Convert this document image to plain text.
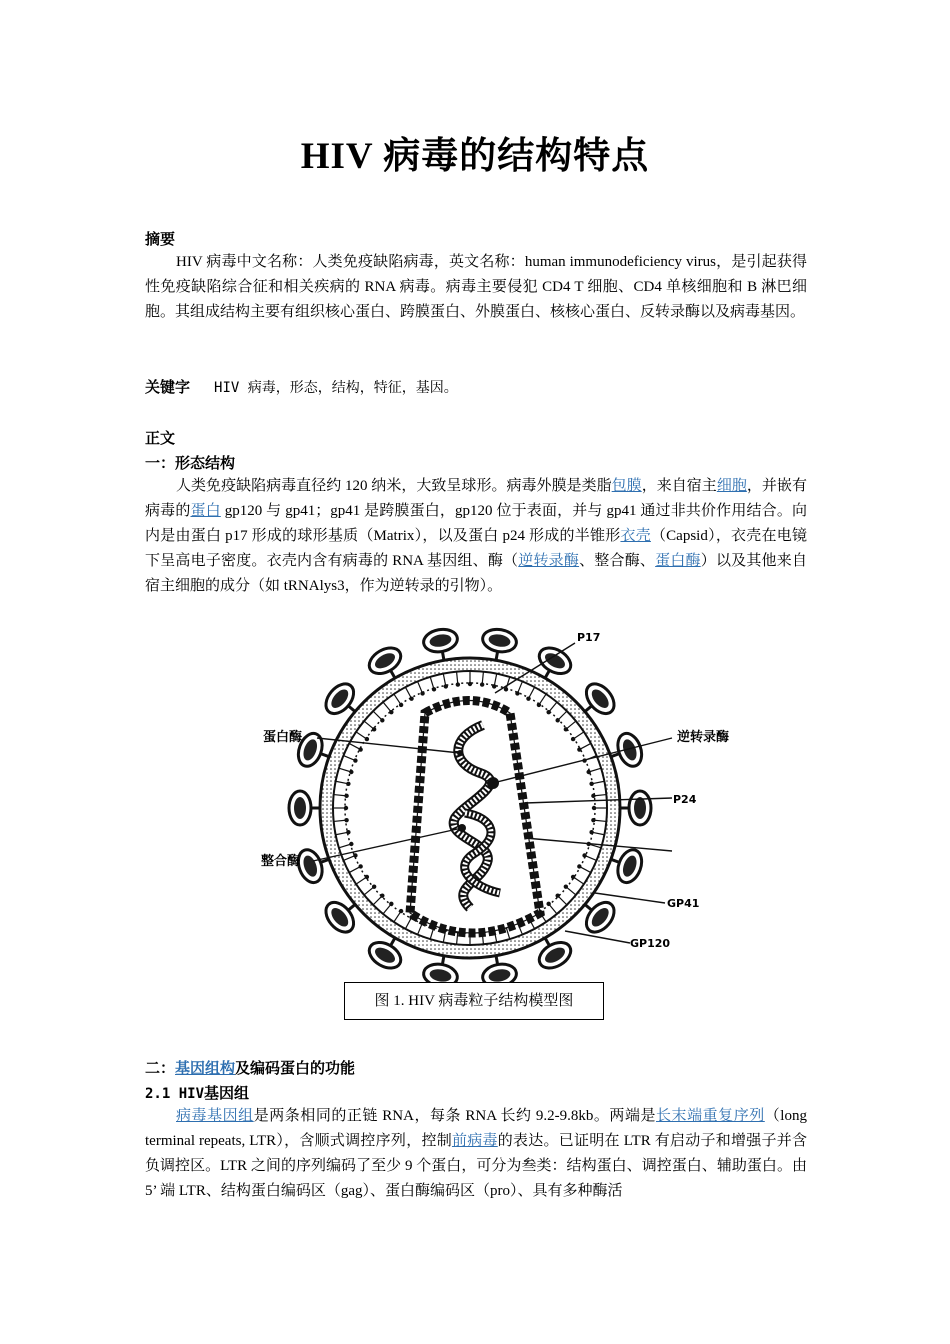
HIV 病毒的结构特点
摘要

HIV 病毒中文名称：人类免疫缺陷病毒，英文名称：human immunodeficiency virus，是引起获得性免疫缺陷综合征和相关疾病的 RNA 病毒。病毒主要侵犯 CD4 T 细胞、CD4 单核细胞和 B 淋巴细胞。其组成结构主要有组织核心蛋白、跨膜蛋白、外膜蛋白、核核心蛋白、反转录酶以及病毒基因。

关键字 HIV 病毒，形态，结构，特征，基因。
正文
一：形态结构

人类免疫缺陷病毒直径约 120 纳米，大致呈球形。病毒外膜是类脂包膜，来自宿主细胞，并嵌有病毒的蛋白 gp120 与 gp41；gp41 是跨膜蛋白，gp120 位于表面，并与 gp41 通过非共价作用结合。向内是由蛋白 p17 形成的球形基质（Matrix），以及蛋白 p24 形成的半锥形衣壳（Capsid），衣壳在电镜下呈高电子密度。衣壳内含有病毒的 RNA 基因组、酶（逆转录酶、整合酶、蛋白酶）以及其他来自宿主细胞的成分（如 tRNAlys3，作为逆转录的引物）。

P17
蛋白酶	逆转录酶
P24
整合酶
GP41
GP120
图 1. HIV 病毒粒子结构模型图
二：基因组构及编码蛋白的功能
2.1 HIV基因组

病毒基因组是两条相同的正链 RNA，每条 RNA 长约 9.2-9.8kb。两端是长末端重复序列（long terminal repeats, LTR），含顺式调控序列，控制前病毒的表达。已证明在 LTR 有启动子和增强子并含负调控区。LTR 之间的序列编码了至少 9 个蛋白，可分为叁类：结构蛋白、调控蛋白、辅助蛋白。由 5’ 端 LTR、结构蛋白编码区（gag）、蛋白酶编码区（pro）、具有多种酶活
